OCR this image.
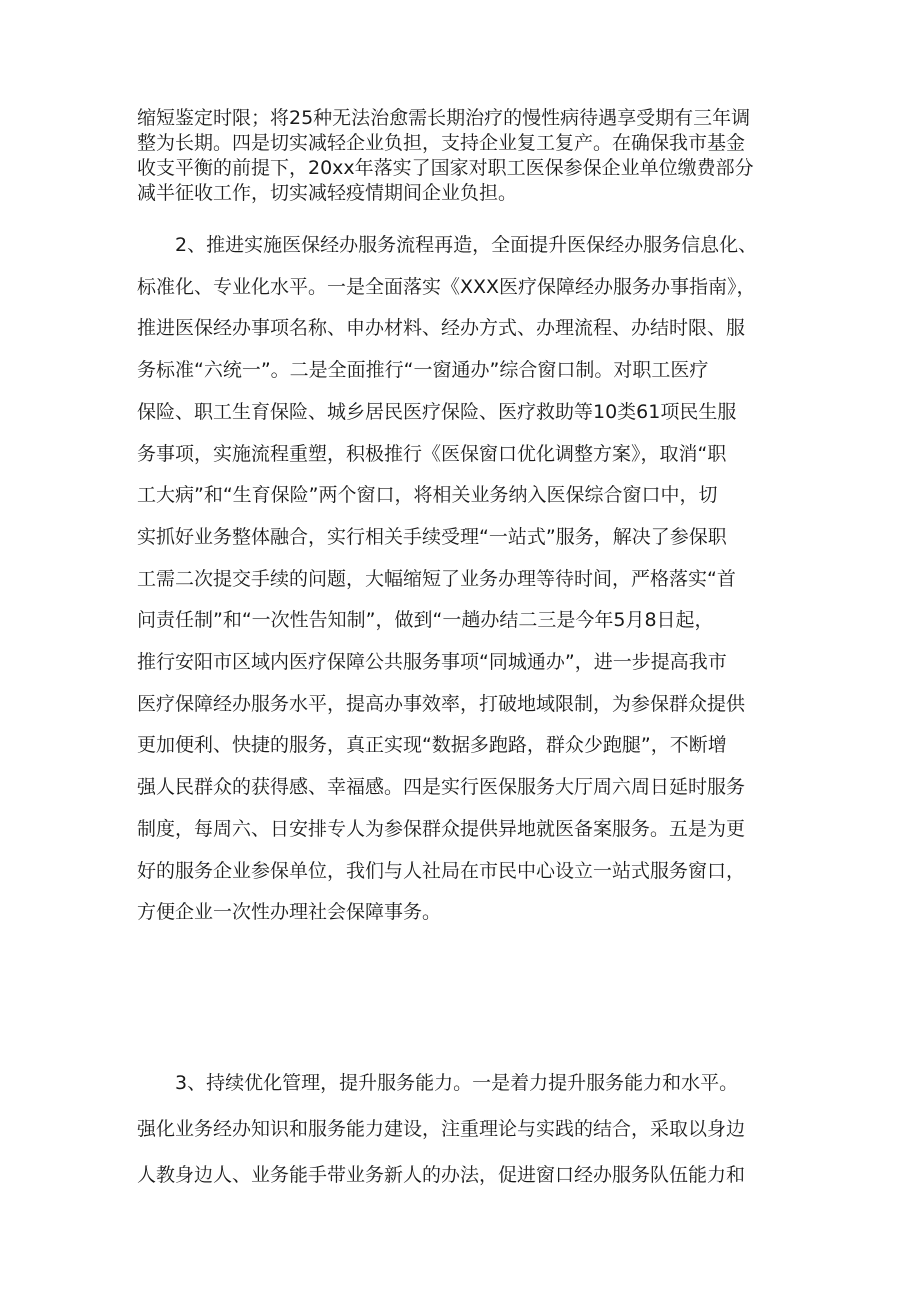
缩短鉴定时限；将25种无法治愈需长期治疗的慢性病待遇享受期有三年调
整为长期。四是切实减轻企业负担，支持企业复工复产。在确保我市基金
收支平衡的前提下，20xx年落实了国家对职工医保参保企业单位缴费部分
减半征收工作，切实减轻疫情期间企业负担。
　　2、推进实施医保经办服务流程再造，全面提升医保经办服务信息化、
标准化、专业化水平。一是全面落实《XXX医疗保障经办服务办事指南》，
推进医保经办事项名称、申办材料、经办方式、办理流程、办结时限、服
务标准“六统一”。二是全面推行“一窗通办”综合窗口制。对职工医疗
保险、职工生育保险、城乡居民医疗保险、医疗救助等10类61项民生服
务事项，实施流程重塑，积极推行《医保窗口优化调整方案》，取消“职
工大病”和“生育保险”两个窗口，将相关业务纳入医保综合窗口中，切
实抓好业务整体融合，实行相关手续受理“一站式”服务，解决了参保职
工需二次提交手续的问题，大幅缩短了业务办理等待时间，严格落实“首
问责任制”和“一次性告知制”，做到“一趟办结二三是今年5月8日起，
推行安阳市区域内医疗保障公共服务事项“同城通办”，进一步提高我市
医疗保障经办服务水平，提高办事效率，打破地域限制，为参保群众提供
更加便利、快捷的服务，真正实现“数据多跑路，群众少跑腿”，不断增
强人民群众的获得感、幸福感。四是实行医保服务大厅周六周日延时服务
制度，每周六、日安排专人为参保群众提供异地就医备案服务。五是为更
好的服务企业参保单位，我们与人社局在市民中心设立一站式服务窗口，
方便企业一次性办理社会保障事务。
　　3、持续优化管理，提升服务能力。一是着力提升服务能力和水平。
强化业务经办知识和服务能力建设，注重理论与实践的结合，采取以身边
人教身边人、业务能手带业务新人的办法，促进窗口经办服务队伍能力和
